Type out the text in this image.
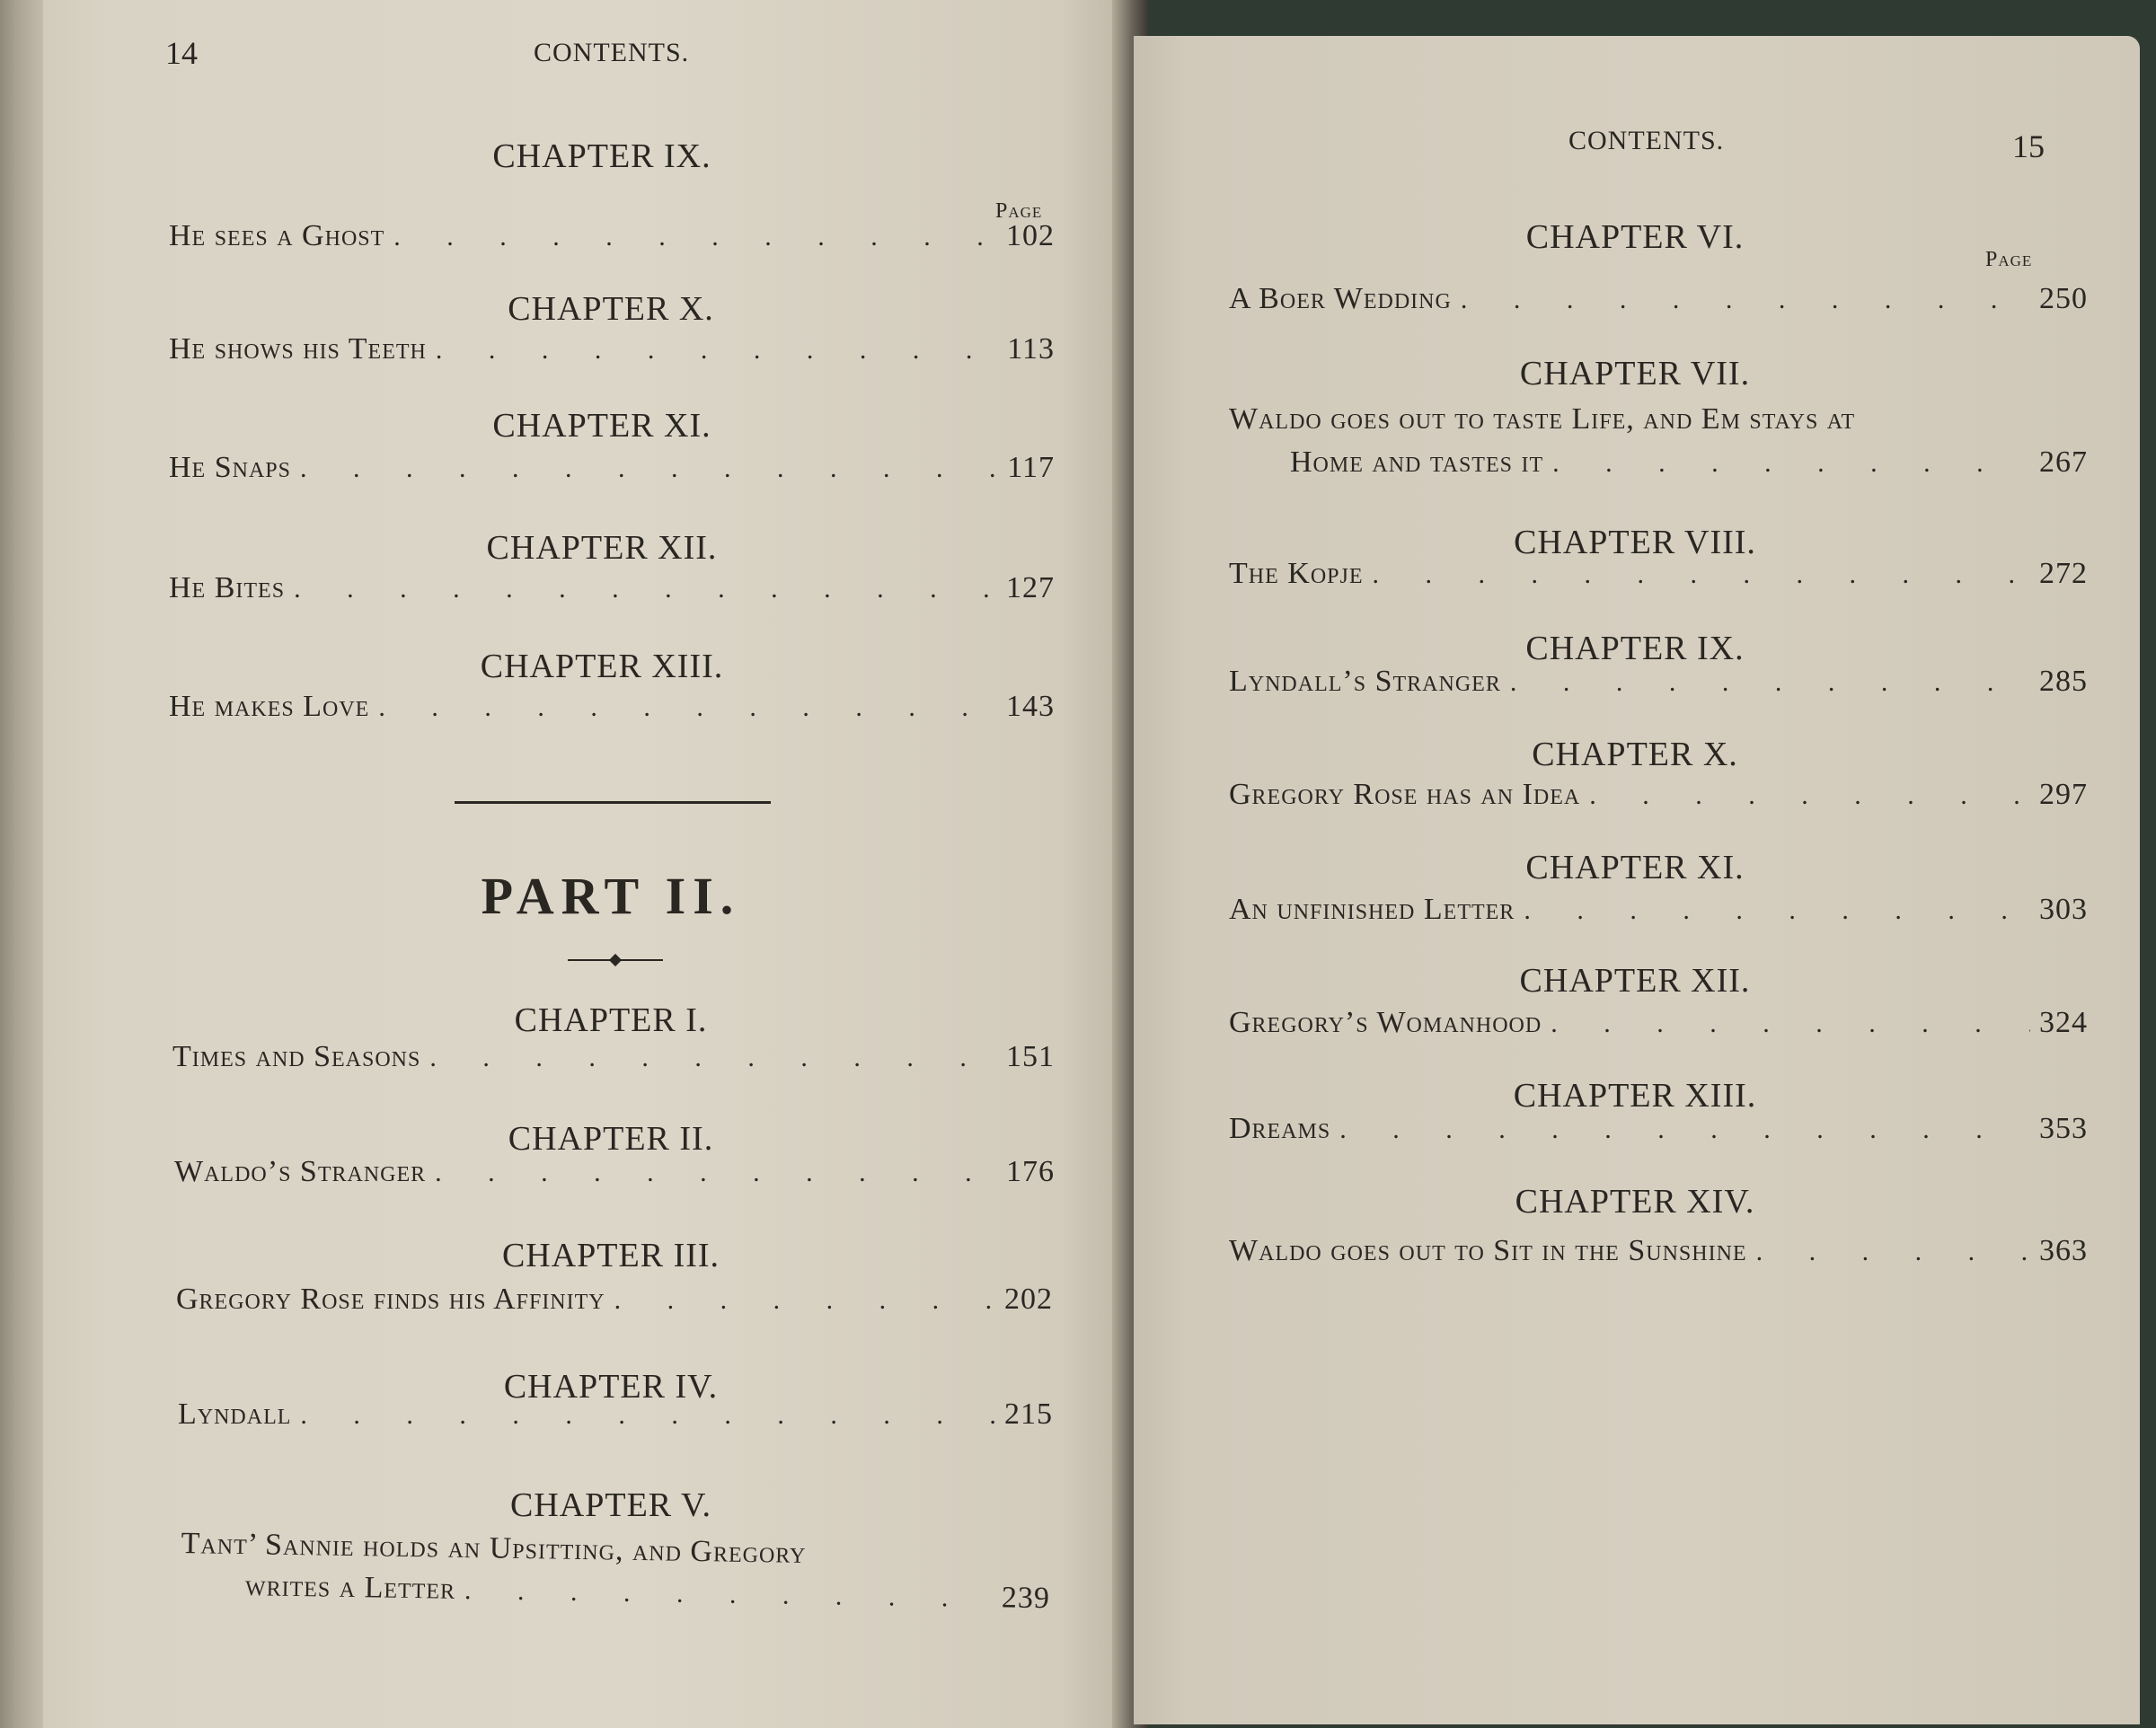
14	CONTENTS.
CHAPTER IX.
Page
He sees a Ghost . . .	102
CHAPTER X.
He shows his Teeth . . .	113
CHAPTER XI.
He Snaps . . .	117
CHAPTER XII.
He Bites . . .	127
CHAPTER XIII.
He makes Love . . .	143
PART II.
CHAPTER I.
Times and Seasons . . .	151
CHAPTER II.
Waldo’s Stranger . . .	176
CHAPTER III.
Gregory Rose finds his Affinity . . .	202
CHAPTER IV.
Lyndall . . .	215
CHAPTER V.
Tant’ Sannie holds an Upsitting, and Gregory
writes a Letter . . .	239
CONTENTS.	15
CHAPTER VI.
Page
A Boer Wedding . . .	250
CHAPTER VII.
Waldo goes out to taste Life, and Em stays at
Home and tastes it . . .	267
CHAPTER VIII.
The Kopje . . .	272
CHAPTER IX.
Lyndall’s Stranger . . .	285
CHAPTER X.
Gregory Rose has an Idea . . .	297
CHAPTER XI.
An unfinished Letter . . .	303
CHAPTER XII.
Gregory’s Womanhood . . .	324
CHAPTER XIII.
Dreams . . .	353
CHAPTER XIV.
Waldo goes out to Sit in the Sunshine . . .	363
